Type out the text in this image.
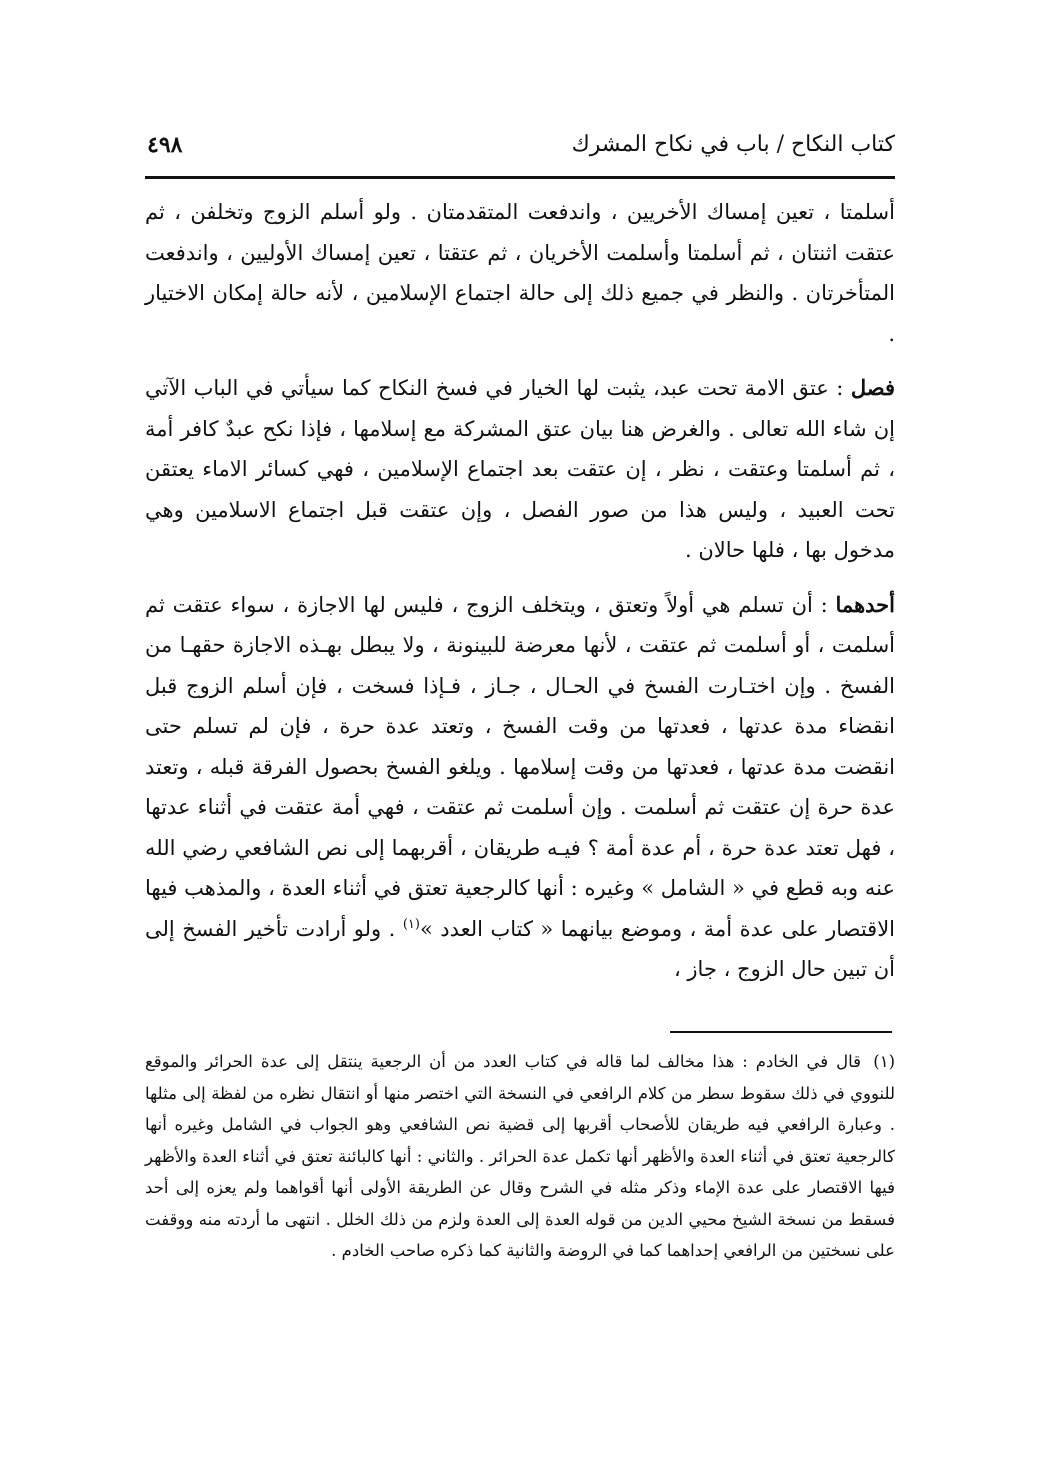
كتاب النكاح / باب في نكاح المشرك
٤٩٨

أسلمتا ، تعين إمساك الأخريين ، واندفعت المتقدمتان . ولو أسلم الزوج وتخلفن ، ثم عتقت اثنتان ، ثم أسلمتا وأسلمت الأخريان ، ثم عتقتا ، تعين إمساك الأوليين ، واندفعت المتأخرتان . والنظر في جميع ذلك إلى حالة اجتماع الإسلامين ، لأنه حالة إمكان الاختيار .

فصل : عتق الامة تحت عبد، يثبت لها الخيار في فسخ النكاح كما سيأتي في الباب الآتي إن شاء الله تعالى . والغرض هنا بيان عتق المشركة مع إسلامها ، فإذا نكح عبدٌ كافر أمة ، ثم أسلمتا وعتقت ، نظر ، إن عتقت بعد اجتماع الإسلامين ، فهي كسائر الاماء يعتقن تحت العبيد ، وليس هذا من صور الفصل ، وإن عتقت قبل اجتماع الاسلامين وهي مدخول بها ، فلها حالان .

أحدهما : أن تسلم هي أولاً وتعتق ، ويتخلف الزوج ، فليس لها الاجازة ، سواء عتقت ثم أسلمت ، أو أسلمت ثم عتقت ، لأنها معرضة للبينونة ، ولا يبطل بهـذه الاجازة حقهـا من الفسخ . وإن اختـارت الفسخ في الحـال ، جـاز ، فـإذا فسخت ، فإن أسلم الزوج قبل انقضاء مدة عدتها ، فعدتها من وقت الفسخ ، وتعتد عدة حرة ، فإن لم تسلم حتى انقضت مدة عدتها ، فعدتها من وقت إسلامها . ويلغو الفسخ بحصول الفرقة قبله ، وتعتد عدة حرة إن عتقت ثم أسلمت . وإن أسلمت ثم عتقت ، فهي أمة عتقت في أثناء عدتها ، فهل تعتد عدة حرة ، أم عدة أمة ؟ فيـه طريقان ، أقربهما إلى نص الشافعي رضي الله عنه وبه قطع في « الشامل » وغيره : أنها كالرجعية تعتق في أثناء العدة ، والمذهب فيها الاقتصار على عدة أمة ، وموضع بيانهما « كتاب العدد »$^{(١)}$ . ولو أرادت تأخير الفسخ إلى أن تبين حال الزوج ، جاز ،

(١)قال في الخادم : هذا مخالف لما قاله في كتاب العدد من أن الرجعية ينتقل إلى عدة الحرائر والموقع للنووي في ذلك سقوط سطر من كلام الرافعي في النسخة التي اختصر منها أو انتقال نظره من لفظة إلى مثلها . وعبارة الرافعي فيه طريقان للأصحاب أقربها إلى قضية نص الشافعي وهو الجواب في الشامل وغيره أنها كالرجعية تعتق في أثناء العدة والأظهر أنها تكمل عدة الحرائر . والثاني : أنها كالبائنة تعتق في أثناء العدة والأظهر فيها الاقتصار على عدة الإماء وذكر مثله في الشرح وقال عن الطريقة الأولى أنها أقواهما ولم يعزه إلى أحد فسقط من نسخة الشيخ محيي الدين من قوله العدة إلى العدة ولزم من ذلك الخلل . انتهى ما أردته منه ووقفت على نسختين من الرافعي إحداهما كما في الروضة والثانية كما ذكره صاحب الخادم .
